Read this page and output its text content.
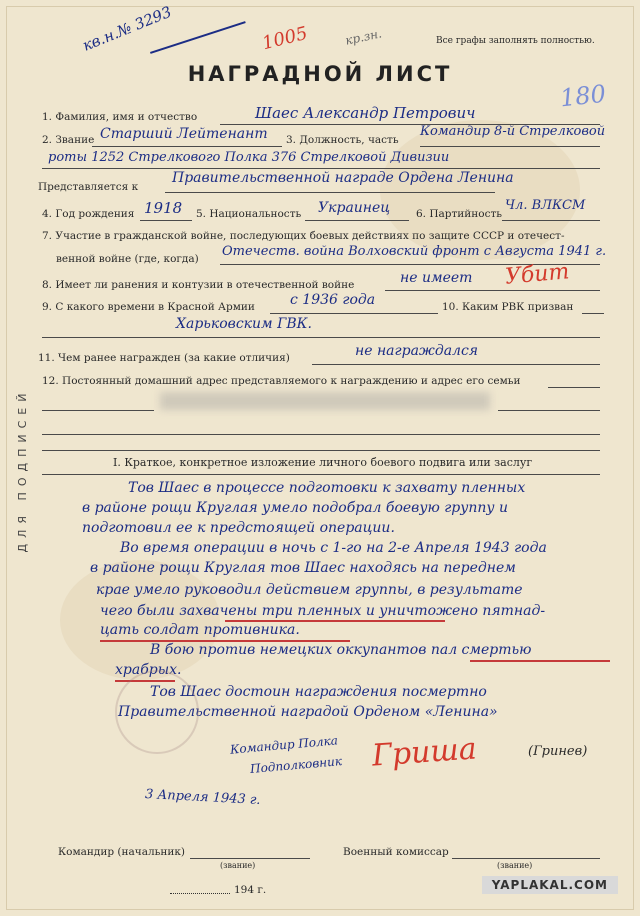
кв.н.№ 3293	1005	кр.зн.	Все графы заполнять полностью.
180
НАГРАДНОЙ ЛИСТ
1. Фамилия, имя и отчество	Шаес Александр Петрович
2. Звание Старший Лейтенант 3. Должность, часть
Командир 8-й Стрелковой
роты 1252 Стрелкового Полка 376 Стрелковой Дивизии
Представляется к
Правительственной награде Ордена Ленина
4. Год рождения 1918 5. Национальность Украинец 6. Партийность
Чл. ВЛКСМ
7. Участие в гражданской войне, последующих боевых действиях по защите СССР и отечест-
венной войне (где, когда) Отечеств. война Волховский фронт с Августа 1941 г.
8. Имеет ли ранения и контузии в отечественной войне	не имеет Убит
9. С какого времени в Красной Армии	с 1936 года	10. Каким РВК призван
Харьковским ГВК.
11. Чем ранее награжден (за какие отличия)	не награждался
12. Постоянный домашний адрес представляемого к награждению и адрес его семьи
I. Краткое, конкретное изложение личного боевого подвига или заслуг
Тов Шаес в процессе подготовки к захвату пленных
в районе рощи Круглая умело подобрал боевую группу и
подготовил ее к предстоящей операции.
Во время операции в ночь с 1-го на 2-е Апреля 1943 года
в районе рощи Круглая тов Шаес находясь на переднем
крае умело руководил действием группы, в результате
чего были захвачены три пленных и уничтожено пятнад-
цать солдат противника.
В бою против немецких оккупантов пал смертью
храбрых.
Тов Шаес достоин награждения посмертно
Правительственной наградой Орденом «Ленина»
Командир Полка
Подполковник Гриша	(Гринев)
3 Апреля 1943 г.
Командир (начальник)
(звание)
Военный комиссар
(звание)
194 г.
ДЛЯ ПОДПИСЕЙ
YAPLAKAL.COM
